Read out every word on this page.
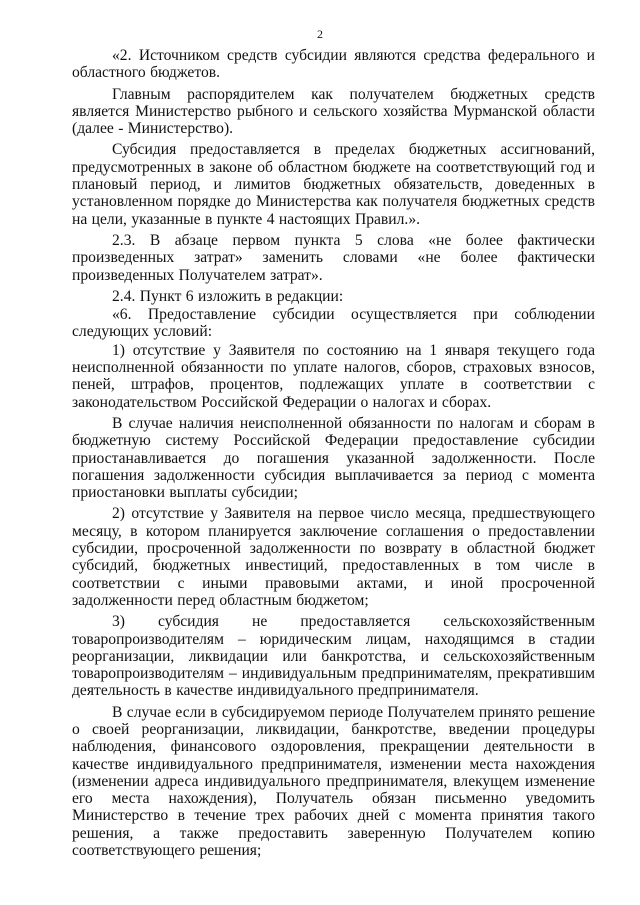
2

«2. Источником средств субсидии являются средства федерального и областного бюджетов.

Главным распорядителем как получателем бюджетных средств является Министерство рыбного и сельского хозяйства Мурманской области (далее - Министерство).

Субсидия предоставляется в пределах бюджетных ассигнований, предусмотренных в законе об областном бюджете на соответствующий год и плановый период, и лимитов бюджетных обязательств, доведенных в установленном порядке до Министерства как получателя бюджетных средств на цели, указанные в пункте 4 настоящих Правил.».

2.3. В абзаце первом пункта 5 слова «не более фактически произведенных затрат» заменить словами «не более фактически произведенных Получателем затрат».

2.4. Пункт 6 изложить в редакции:

«6. Предоставление субсидии осуществляется при соблюдении следующих условий:

1) отсутствие у Заявителя по состоянию на 1 января текущего года неисполненной обязанности по уплате налогов, сборов, страховых взносов, пеней, штрафов, процентов, подлежащих уплате в соответствии с законодательством Российской Федерации о налогах и сборах.

В случае наличия неисполненной обязанности по налогам и сборам в бюджетную систему Российской Федерации предоставление субсидии приостанавливается до погашения указанной задолженности. После погашения задолженности субсидия выплачивается за период с момента приостановки выплаты субсидии;

2) отсутствие у Заявителя на первое число месяца, предшествующего месяцу, в котором планируется заключение соглашения о предоставлении субсидии, просроченной задолженности по возврату в областной бюджет субсидий, бюджетных инвестиций, предоставленных в том числе в соответствии с иными правовыми актами, и иной просроченной задолженности перед областным бюджетом;

3) субсидия не предоставляется сельскохозяйственным товаропроизводителям – юридическим лицам, находящимся в стадии реорганизации, ликвидации или банкротства, и сельскохозяйственным товаропроизводителям – индивидуальным предпринимателям, прекратившим деятельность в качестве индивидуального предпринимателя.

В случае если в субсидируемом периоде Получателем принято решение о своей реорганизации, ликвидации, банкротстве, введении процедуры наблюдения, финансового оздоровления, прекращении деятельности в качестве индивидуального предпринимателя, изменении места нахождения (изменении адреса индивидуального предпринимателя, влекущем изменение его места нахождения), Получатель обязан письменно уведомить Министерство в течение трех рабочих дней с момента принятия такого решения, а также предоставить заверенную Получателем копию соответствующего решения;
